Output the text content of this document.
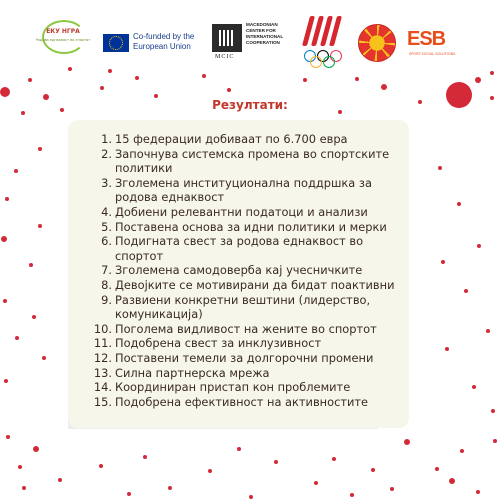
ЕКУ НГРА
Родова еднаквост во спортот	Co-funded by the
European Union
MCIC
MACEDONIAN
CENTER FOR
INTERNATIONAL
COOPERATION	ESB
SPORT SOCIAL SOLUTIONS
Резултати:
1. 15 федерации добиваат по 6.700 евра
2. Започнува системска промена во спортските
политики
3. Зголемена институционална поддршка за
родова еднаквост
4. Добиени релевантни податоци и анализи
5. Поставена основа за идни политики и мерки
6. Подигната свест за родова еднаквост во
спортот
7. Зголемена самодоверба кај учесничките
8. Девојките се мотивирани да бидат поактивни
9. Развиени конкретни вештини (лидерство,
комуникација)
10. Поголема видливост на жените во спортот
11. Подобрена свест за инклузивност
12. Поставени темели за долгорочни промени
13. Силна партнерска мрежа
14. Координиран пристап кон проблемите
15. Подобрена ефективност на активностите
